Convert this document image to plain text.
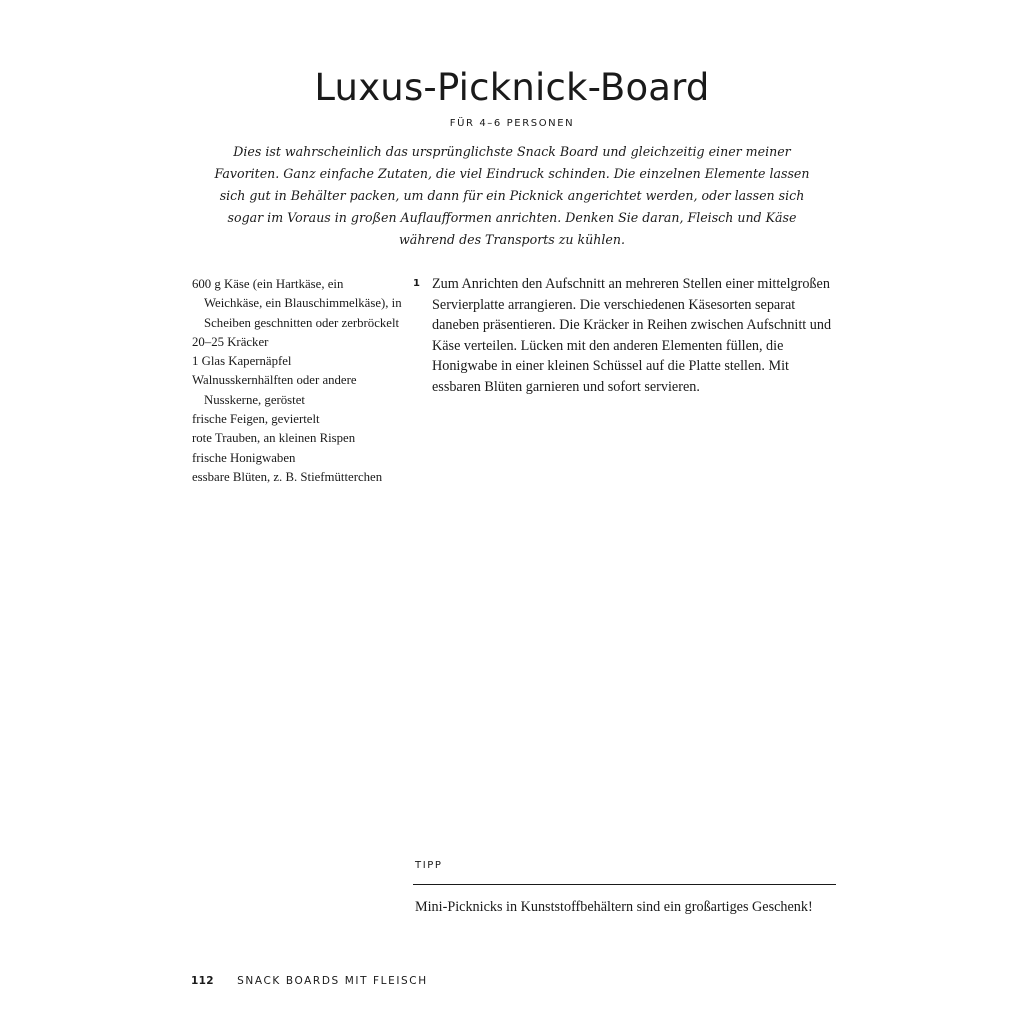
Luxus-Picknick-Board
FÜR 4–6 PERSONEN

Dies ist wahrscheinlich das ursprünglichste Snack Board und gleichzeitig einer meiner Favoriten. Ganz einfache Zutaten, die viel Eindruck schinden. Die einzelnen Elemente lassen sich gut in Behälter packen, um dann für ein Picknick angerichtet werden, oder lassen sich sogar im Voraus in großen Auflaufformen anrichten. Denken Sie daran, Fleisch und Käse während des Transports zu kühlen.

600 g Käse (ein Hartkäse, ein Weichkäse, ein Blauschimmelkäse), in Scheiben geschnitten oder zerbröckelt
20–25 Kräcker
1 Glas Kapernäpfel
Walnusskernhälften oder andere Nusskerne, geröstet
frische Feigen, geviertelt
rote Trauben, an kleinen Rispen
frische Honigwaben
essbare Blüten, z. B. Stiefmütterchen
1 Zum Anrichten den Aufschnitt an mehreren Stellen einer mittelgroßen Servierplatte arrangieren. Die verschiedenen Käsesorten separat daneben präsentieren. Die Kräcker in Reihen zwischen Aufschnitt und Käse verteilen. Lücken mit den anderen Elementen füllen, die Honigwabe in einer kleinen Schüssel auf die Platte stellen. Mit essbaren Blüten garnieren und sofort servieren.
TIPP

Mini-Picknicks in Kunststoffbehältern sind ein großartiges Geschenk!

112 SNACK BOARDS MIT FLEISCH
